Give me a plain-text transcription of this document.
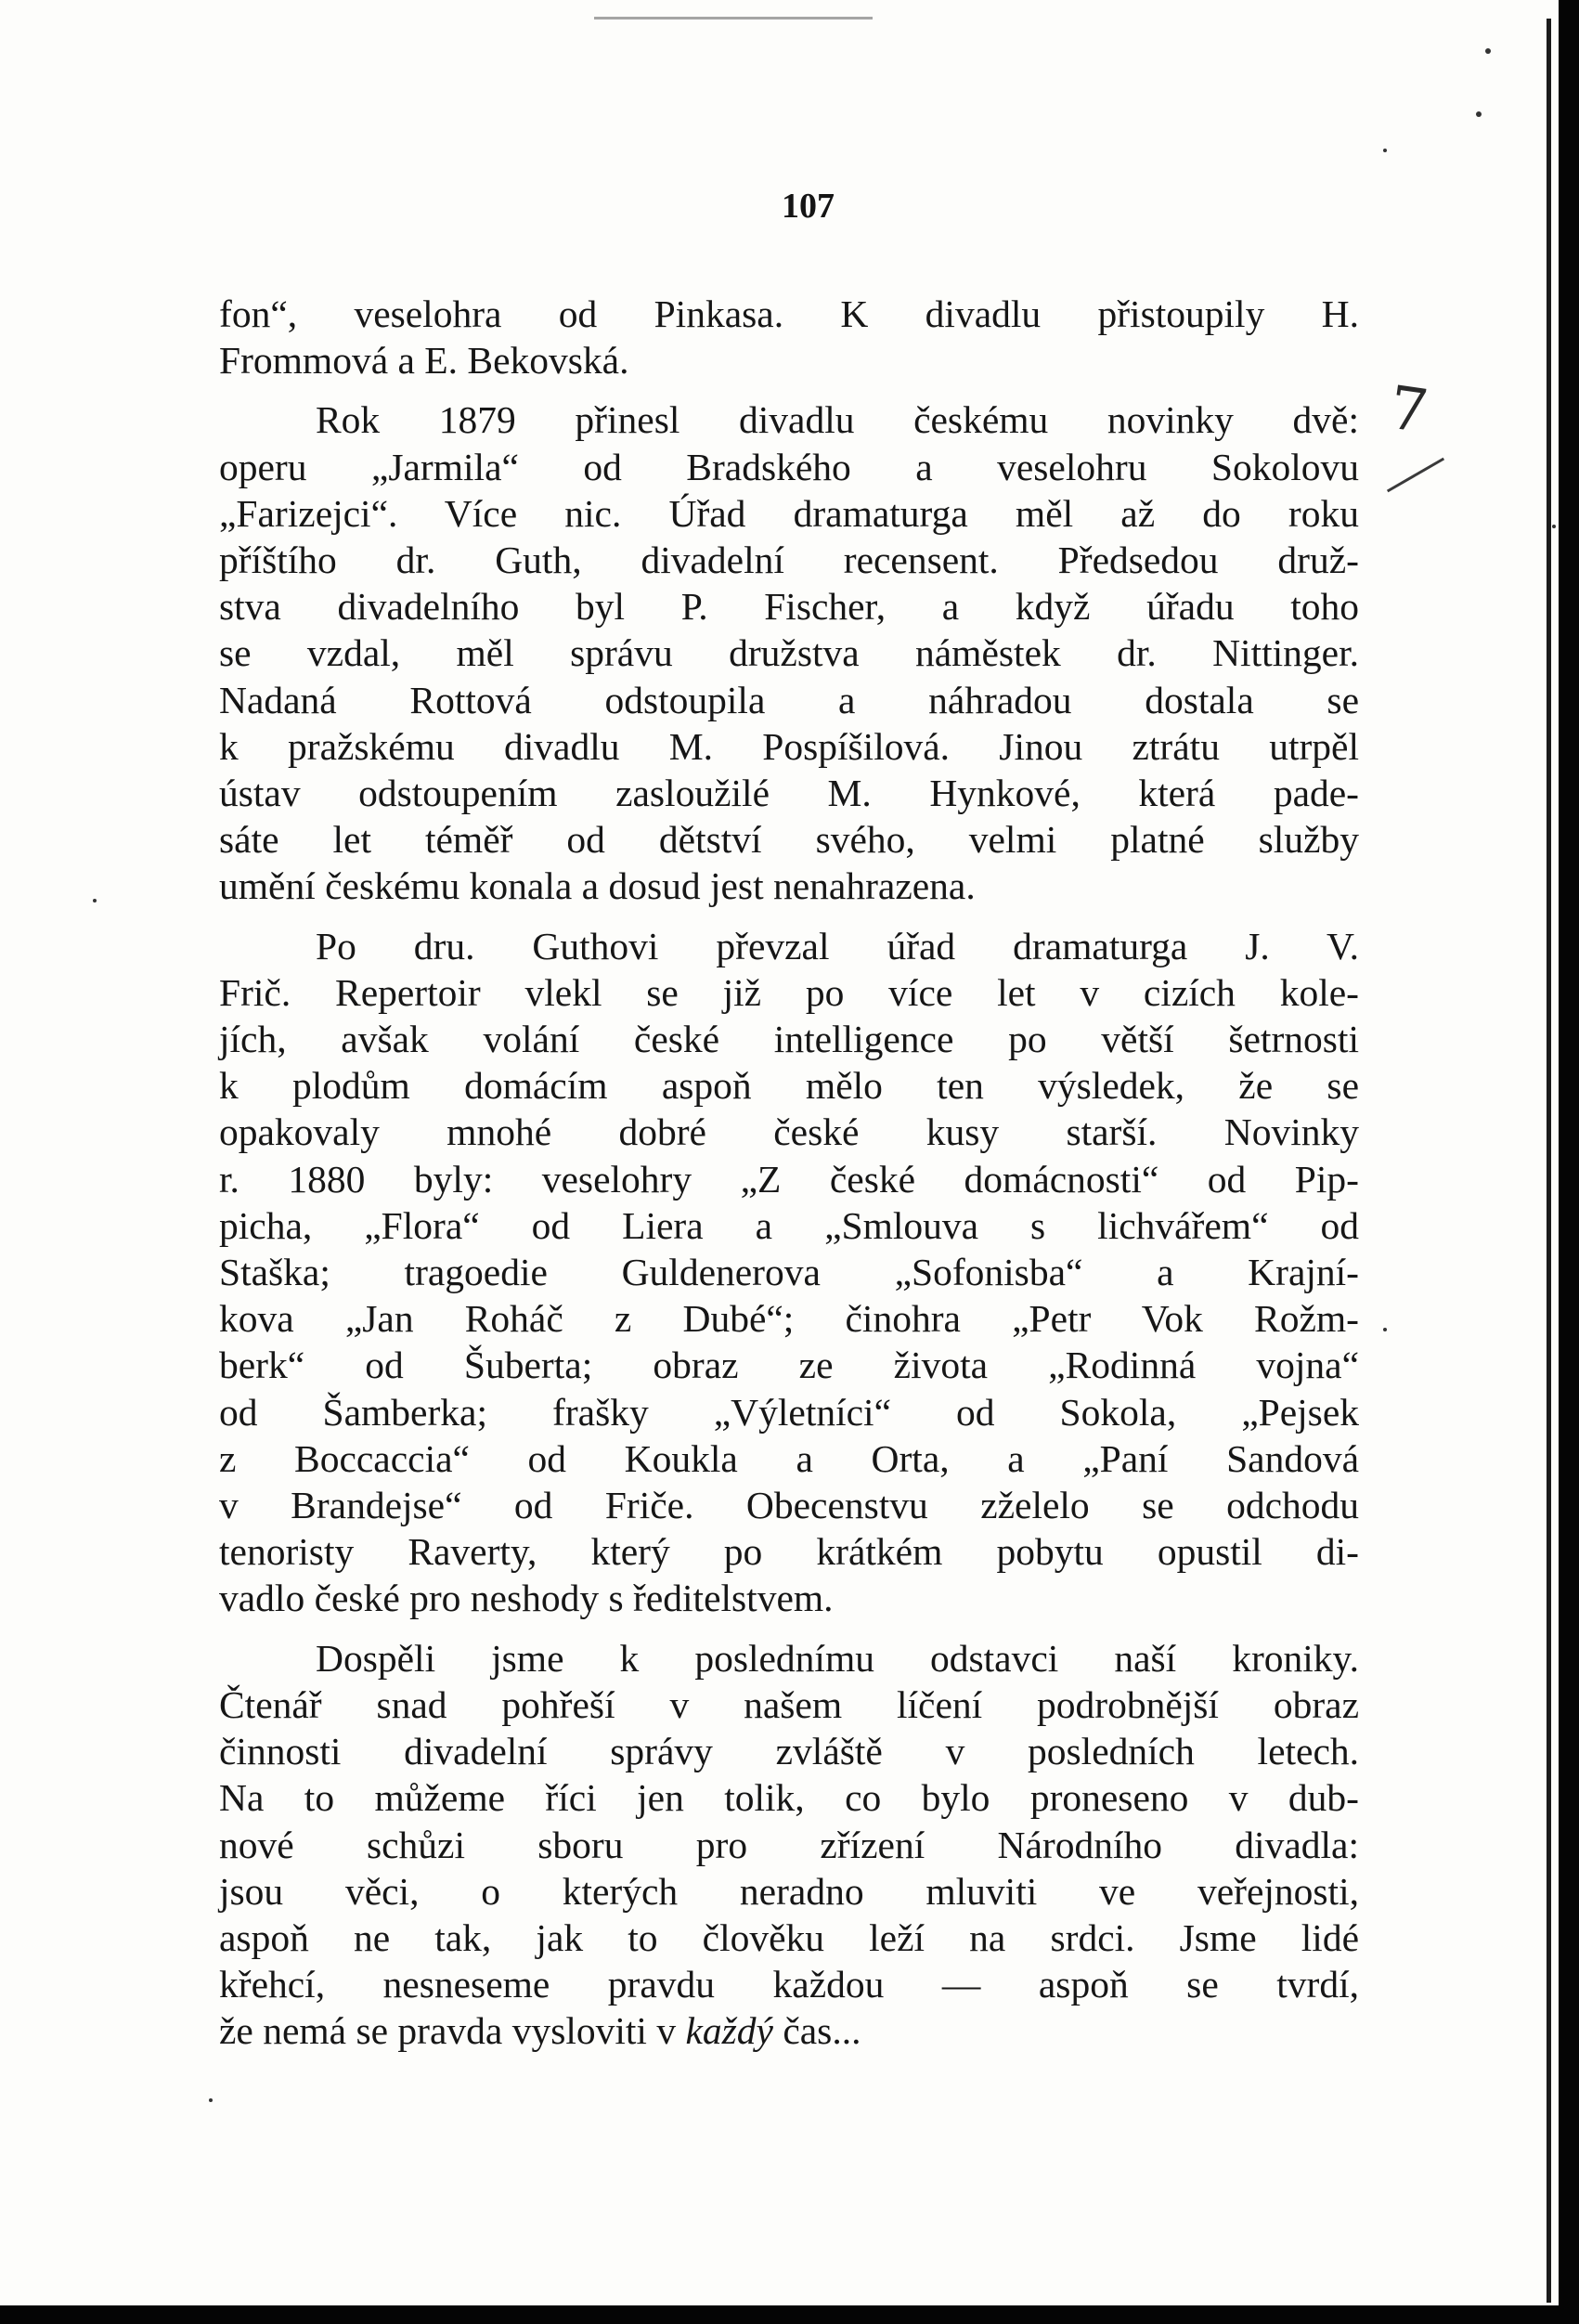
107
7
fon“, veselohra od Pinkasa. K divadlu přistoupily H.
Frommová a E. Bekovská.
Rok 1879 přinesl divadlu českému novinky dvě:
operu „Jarmila“ od Bradského a veselohru Sokolovu
„Farizejci“. Více nic. Úřad dramaturga měl až do roku
příštího dr. Guth, divadelní recensent. Předsedou druž-
stva divadelního byl P. Fischer, a když úřadu toho
se vzdal, měl správu družstva náměstek dr. Nittinger.
Nadaná Rottová odstoupila a náhradou dostala se
k pražskému divadlu M. Pospíšilová. Jinou ztrátu utrpěl
ústav odstoupením zasloužilé M. Hynkové, která pade-
sáte let téměř od dětství svého, velmi platné služby
umění českému konala a dosud jest nenahrazena.
Po dru. Guthovi převzal úřad dramaturga J. V.
Frič. Repertoir vlekl se již po více let v cizích kole-
jích, avšak volání české intelligence po větší šetrnosti
k plodům domácím aspoň mělo ten výsledek, že se
opakovaly mnohé dobré české kusy starší. Novinky
r. 1880 byly: veselohry „Z české domácnosti“ od Pip-
picha, „Flora“ od Liera a „Smlouva s lichvářem“ od
Staška; tragoedie Guldenerova „Sofonisba“ a Krajní-
kova „Jan Roháč z Dubé“; činohra „Petr Vok Rožm-
berk“ od Šuberta; obraz ze života „Rodinná vojna“
od Šamberka; frašky „Výletníci“ od Sokola, „Pejsek
z Boccaccia“ od Koukla a Orta, a „Paní Sandová
v Brandejse“ od Friče. Obecenstvu zželelo se odchodu
tenoristy Raverty, který po krátkém pobytu opustil di-
vadlo české pro neshody s ředitelstvem.
Dospěli jsme k poslednímu odstavci naší kroniky.
Čtenář snad pohřeší v našem líčení podrobnější obraz
činnosti divadelní správy zvláště v posledních letech.
Na to můžeme říci jen tolik, co bylo proneseno v dub-
nové schůzi sboru pro zřízení Národního divadla:
jsou věci, o kterých neradno mluviti ve veřejnosti,
aspoň ne tak, jak to člověku leží na srdci. Jsme lidé
křehcí, nesneseme pravdu každou — aspoň se tvrdí,
že nemá se pravda vysloviti v každý čas...
